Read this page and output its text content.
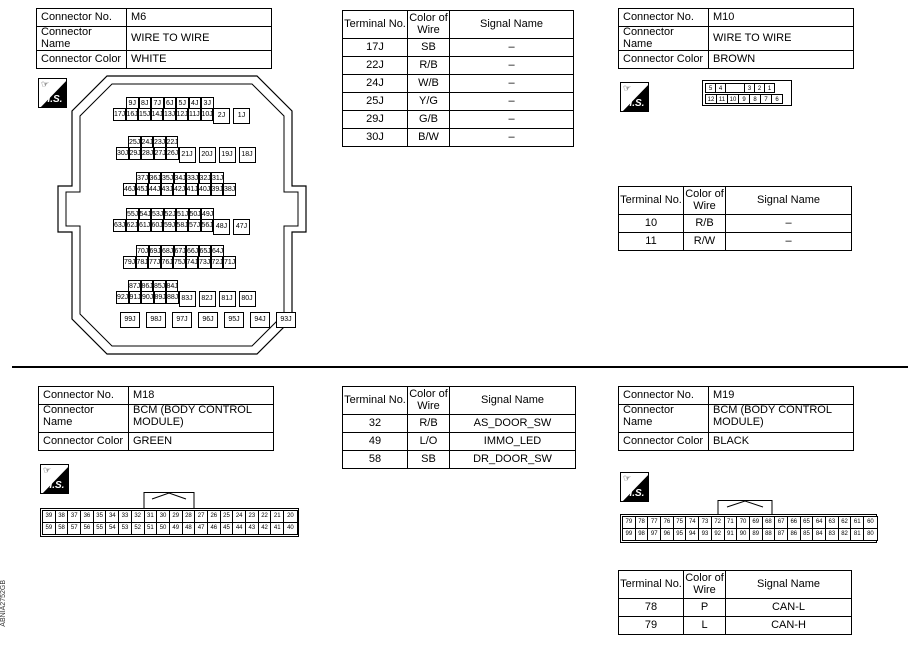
Connector No.	M6
Connector Name	WIRE TO WIRE
Connector Color	WHITE
☞
H.S.	9J 8J 7J 6J 5J 4J 3J
17J 16J 15J 14J 13J 12J 11J 10J 2J	1J
25J 24J 23J 22J
30J 29J 28J 27J 26J 21J	20J	19J	18J
37J 36J 35J 34J 33J 32J 31J
46J 45J 44J 43J 42J 41J 40J 39J 38J
55J 54J 53J 52J 51J 50J 49J
63J 62J 61J 60J 59J 58J 57J 56J 48J	47J
70J 69J 68J 67J 66J 65J 64J
79J 78J 77J 76J 75J 74J 73J 72J 71J
87J 86J 85J 84J
92J 91J 90J 89J 88J 83J	82J	81J	80J
99J	98J	97J	96J	95J	94J	93J
Terminal No.	Color of Wire	Signal Name
17J	SB	–
22J	R/B	–
24J	W/B	–
25J	Y/G	–
29J	G/B	–
30J	B/W	–
Connector No.	M10
Connector Name	WIRE TO WIRE
Connector Color	BROWN
☞
H.S.
5	4	3	2	1
12 11 10 9	8	7	6
Terminal No.	Color of Wire	Signal Name
10	R/B	–
11	R/W	–
Connector No.	M18
Connector Name	BCM (BODY CONTROL MODULE)
Connector Color	GREEN
☞
H.S.
39	38	37	36	35	34	33	32	31	30	29	28	27	26	25	24	23	22	21	20
59	58	57	56	55	54	53	52	51	50	49	48	47	46	45	44	43	42	41	40
Terminal No.	Color of Wire	Signal Name
32	R/B	AS_DOOR_SW
49	L/O	IMMO_LED
58	SB	DR_DOOR_SW
Connector No.	M19
Connector Name	BCM (BODY CONTROL MODULE)
Connector Color	BLACK
☞
H.S.
79	78	77	76	75	74	73	72	71	70	69	68	67	66	65	64	63	62	61	60
99	98	97	96	95	94	93	92	91	90	89	88	87	86	85	84	83	82	81	80
Terminal No.	Color of Wire	Signal Name
78	P	CAN-L
79	L	CAN-H
ABNIA2752GB
